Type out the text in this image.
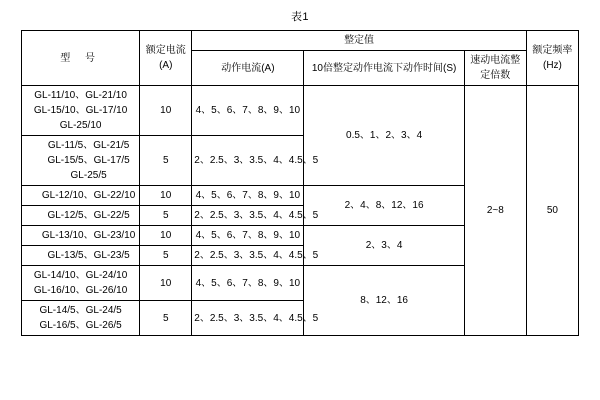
表1
型 号	额定电流(A)	整定值			额定频率(Hz)
		动作电流(A)	10倍整定动作电流下动作时间(S)	速动电流整定倍数	

GL-11/10、GL-21/10
GL-15/10、GL-17/10
GL-25/10	10	4、5、6、7、8、9、10	0.5、1、2、3、4	2~8	50

GL-11/5、GL-21/5
GL-15/5、GL-17/5
GL-25/5	5	2、2.5、3、3.5、4、4.5、5			

GL-12/10、GL-22/10	10	4、5、6、7、8、9、10	2、4、8、12、16		

GL-12/5、GL-22/5	5	2、2.5、3、3.5、4、4.5、5			

GL-13/10、GL-23/10	10	4、5、6、7、8、9、10	2、3、4		

GL-13/5、GL-23/5	5	2、2.5、3、3.5、4、4.5、5			

GL-14/10、GL-24/10
GL-16/10、GL-26/10	10	4、5、6、7、8、9、10	8、12、16		

GL-14/5、GL-24/5
GL-16/5、GL-26/5	5	2、2.5、3、3.5、4、4.5、5			
